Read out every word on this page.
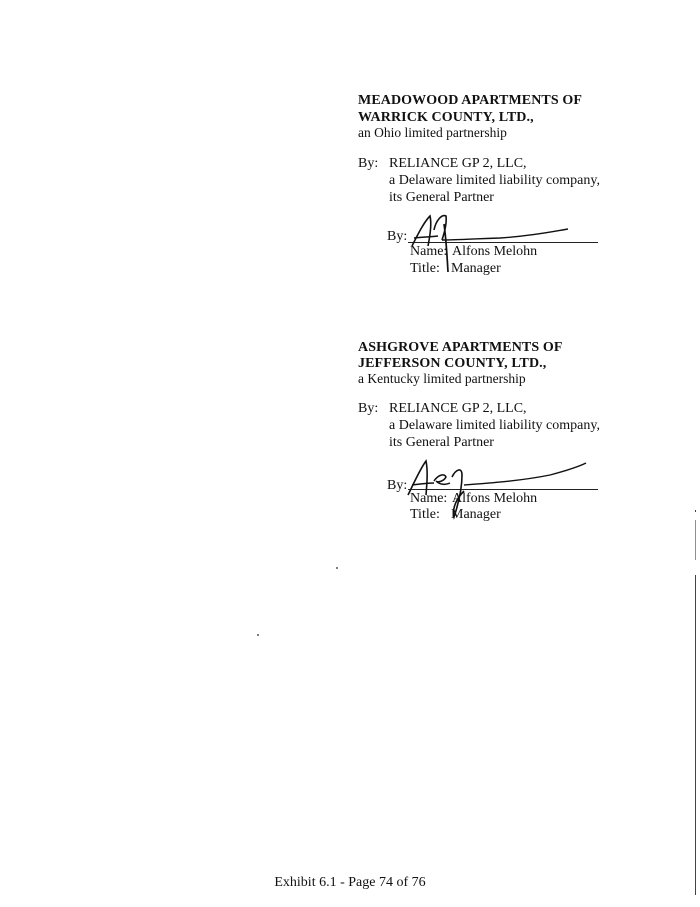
MEADOWOOD APARTMENTS OF
WARRICK COUNTY, LTD.,
an Ohio limited partnership
By: RELIANCE GP 2, LLC,
a Delaware limited liability company,
its General Partner
By:
Name: Alfons Melohn
Title: Manager
ASHGROVE APARTMENTS OF
JEFFERSON COUNTY, LTD.,
a Kentucky limited partnership
By: RELIANCE GP 2, LLC,
a Delaware limited liability company,
its General Partner
By:
Name: Alfons Melohn
Title: Manager
Exhibit 6.1 - Page 74 of 76
